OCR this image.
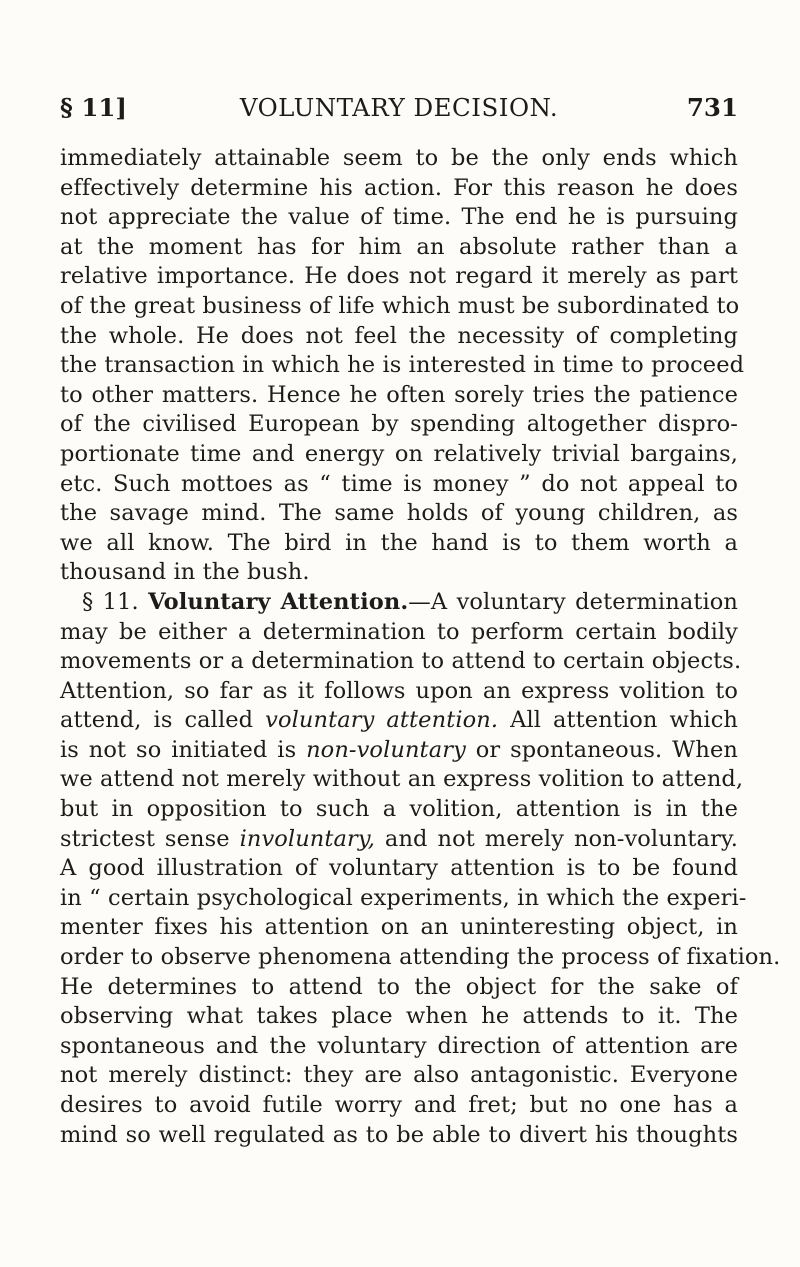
§ 11]	VOLUNTARY DECISION.	731
immediately attainable seem to be the only ends which
effectively determine his action. For this reason he does
not appreciate the value of time. The end he is pursuing
at the moment has for him an absolute rather than a
relative importance. He does not regard it merely as part
of the great business of life which must be subordinated to
the whole. He does not feel the necessity of completing
the transaction in which he is interested in time to proceed
to other matters. Hence he often sorely tries the patience
of the civilised European by spending altogether dispro-
portionate time and energy on relatively trivial bargains,
etc. Such mottoes as “ time is money ” do not appeal to
the savage mind. The same holds of young children, as
we all know. The bird in the hand is to them worth a
thousand in the bush.
§ 11. Voluntary Attention.—A voluntary determination
may be either a determination to perform certain bodily
movements or a determination to attend to certain objects.
Attention, so far as it follows upon an express volition to
attend, is called voluntary attention. All attention which
is not so initiated is non-voluntary or spontaneous. When
we attend not merely without an express volition to attend,
but in opposition to such a volition, attention is in the
strictest sense involuntary, and not merely non-voluntary.
A good illustration of voluntary attention is to be found
in “ certain psychological experiments, in which the experi-
menter fixes his attention on an uninteresting object, in
order to observe phenomena attending the process of fixation.
He determines to attend to the object for the sake of
observing what takes place when he attends to it. The
spontaneous and the voluntary direction of attention are
not merely distinct: they are also antagonistic. Everyone
desires to avoid futile worry and fret; but no one has a
mind so well regulated as to be able to divert his thoughts
